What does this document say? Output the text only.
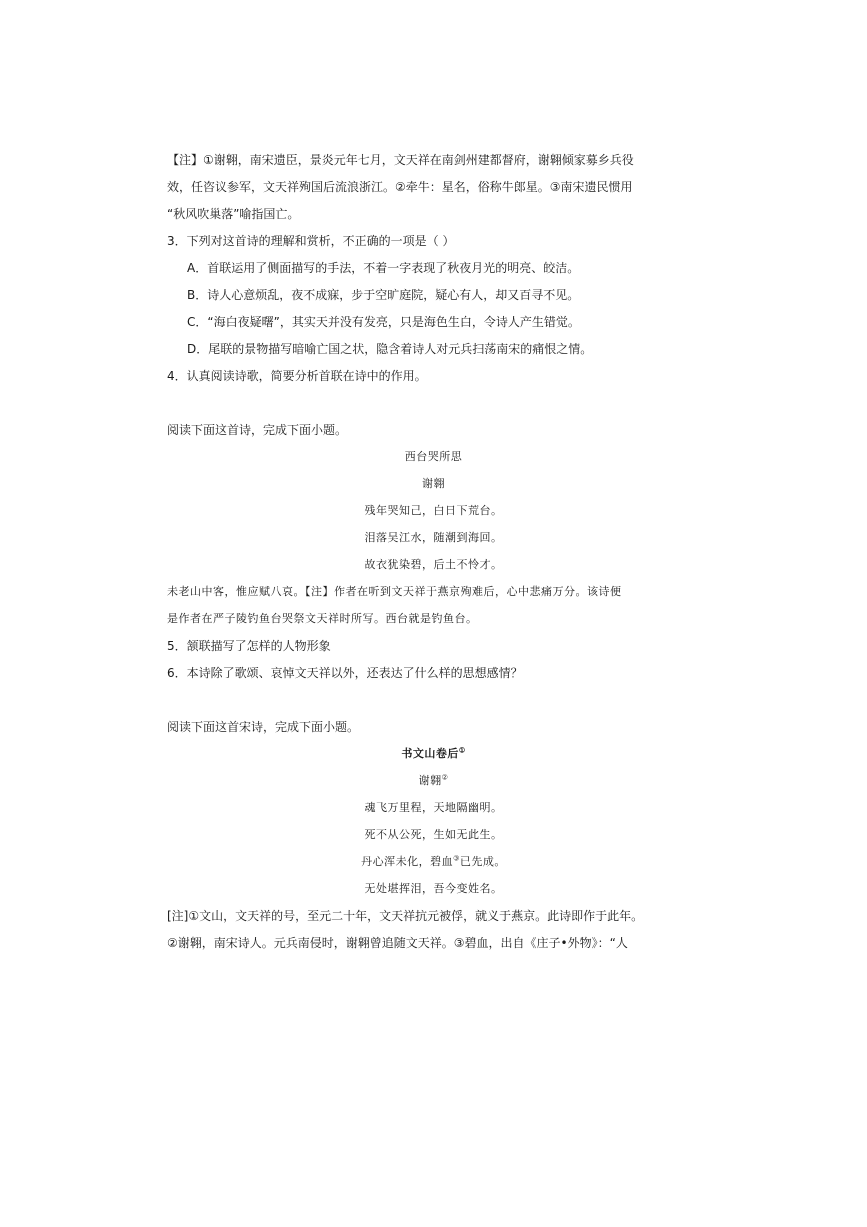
【注】①谢翱，南宋遗臣，景炎元年七月，文天祥在南剑州建都督府，谢翱倾家募乡兵役
效，任咨议参军，文天祥殉国后流浪浙江。②牵牛：星名，俗称牛郎星。③南宋遗民惯用
“秋风吹巢落”喻指国亡。
3．下列对这首诗的理解和赏析，不正确的一项是（ ）
A．首联运用了侧面描写的手法，不着一字表现了秋夜月光的明亮、皎洁。
B．诗人心意烦乱，夜不成寐，步于空旷庭院，疑心有人，却又百寻不见。
C．“海白夜疑曙”，其实天并没有发亮，只是海色生白，令诗人产生错觉。
D．尾联的景物描写暗喻亡国之状，隐含着诗人对元兵扫荡南宋的痛恨之情。
4．认真阅读诗歌，简要分析首联在诗中的作用。
阅读下面这首诗，完成下面小题。
西台哭所思
谢翱
残年哭知己，白日下荒台。
泪落吴江水，随潮到海回。
故衣犹染碧，后土不怜才。
未老山中客，惟应赋八哀。【注】作者在听到文天祥于燕京殉难后，心中悲痛万分。该诗便
是作者在严子陵钓鱼台哭祭文天祥时所写。西台就是钓鱼台。
5．颔联描写了怎样的人物形象
6．本诗除了歌颂、哀悼文天祥以外，还表达了什么样的思想感情？
阅读下面这首宋诗，完成下面小题。
书文山卷后①
谢翱②
魂飞万里程，天地隔幽明。
死不从公死，生如无此生。
丹心浑未化，碧血③已先成。
无处堪挥泪，吾今变姓名。
[注]①文山，文天祥的号，至元二十年，文天祥抗元被俘，就义于燕京。此诗即作于此年。
②谢翱，南宋诗人。元兵南侵时，谢翱曾追随文天祥。③碧血，出自《庄子•外物》：“人
